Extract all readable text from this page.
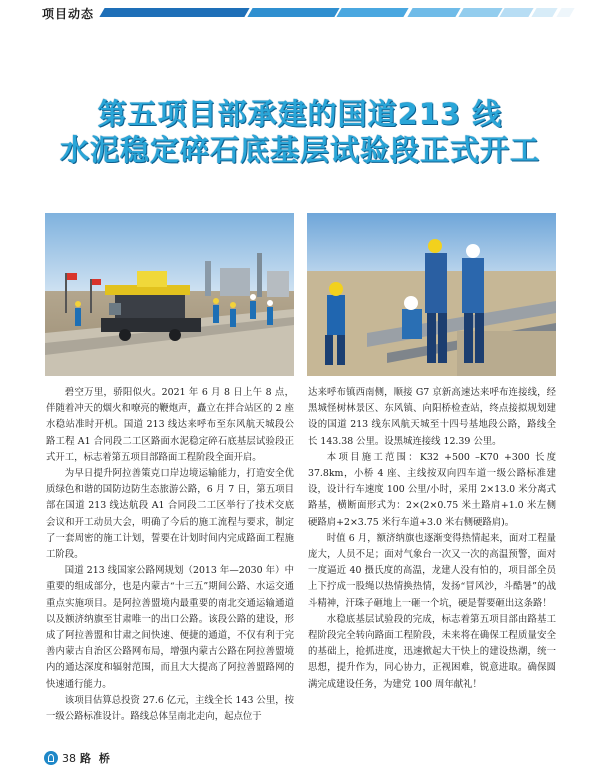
项目动态
第五项目部承建的国道213 线
水泥稳定碎石底基层试验段正式开工

碧空万里，骄阳似火。2021 年 6 月 8 日上午 8 点，伴随着冲天的烟火和嘹亮的鞭炮声，矗立在拌合站区的 2 座水稳站准时开机。国道 213 线达来呼布至东风航天城段公路工程 A1 合同段二工区路面水泥稳定碎石底基层试验段正式开工，标志着第五项目部路面工程阶段全面开启。

为早日提升阿拉善策克口岸边境运输能力，打造安全优质绿色和谐的国防边防生态旅游公路，6 月 7 日，第五项目部在国道 213 线达航段 A1 合同段二工区举行了技术交底会议和开工动员大会，明确了今后的施工流程与要求，制定了一套周密的施工计划，誓要在计划时间内完成路面工程施工阶段。

国道 213 线国家公路网规划（2013 年—2030 年）中重要的组成部分，也是内蒙古“十三五”期间公路、水运交通重点实施项目。是阿拉善盟境内最重要的南北交通运输通道以及额济纳旗至甘肃唯一的出口公路。该段公路的建设，形成了阿拉善盟和甘肃之间快速、便捷的通道，不仅有利于完善内蒙古自治区公路网布局，增强内蒙古公路在阿拉善盟境内的通达深度和辐射范围，而且大大提高了阿拉善盟路网的快速通行能力。

该项目估算总投资 27.6 亿元，主线全长 143 公里，按一级公路标准设计。路线总体呈南北走向，起点位于

达来呼布镇西南侧，顺接 G7 京新高速达来呼布连接线，经黑城怪树林景区、东风镇、向阳桥检查站，终点接拟规划建设的国道 213 线东风航天城至十四号基地段公路，路线全长 143.38 公里。设黑城连接线 12.39 公里。

本项目施工范围：K32 +500 –K70 +300 长度 37.8km，小桥 4 座、主线按双向四车道一级公路标准建设，设计行车速度 100 公里/小时，采用 2×13.0 米分离式路基，横断面形式为：2×(2×0.75 米土路肩+1.0 米左侧硬路肩+2×3.75 米行车道+3.0 米右侧硬路肩)。

时值 6 月，额济纳旗也逐渐变得热情起来，面对工程量庞大，人员不足；面对气象台一次又一次的高温预警，面对一度逼近 40 摄氏度的高温，龙建人没有怕的，项目部全员上下拧成一股绳以热情换热情，发扬“冒风沙，斗酷暑”的战斗精神，汗珠子砸地上一砸一个坑，硬是誓要砸出这条路！

水稳底基层试验段的完成，标志着第五项目部由路基工程阶段完全转向路面工程阶段，未来将在确保工程质量安全的基础上，抢抓进度，迅速掀起大干快上的建设热潮，统一思想，提升作为，同心协力，正视困难，锐意进取。确保圆满完成建设任务，为建党 100 周年献礼！

38 路 桥
